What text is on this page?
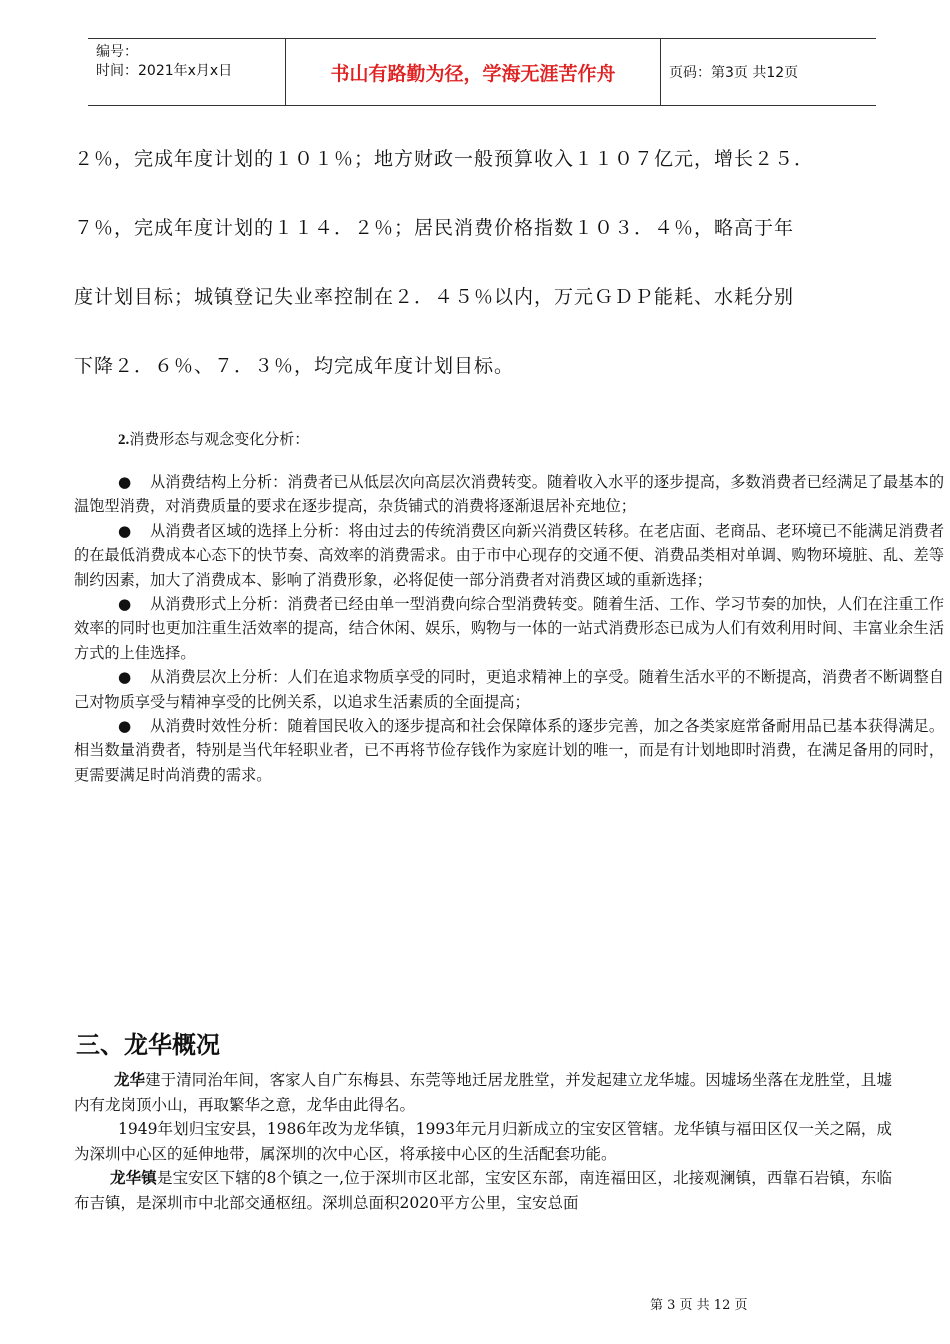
编号：
时间：2021年x月x日	书山有路勤为径，学海无涯苦作舟	页码：第3页 共12页
２％，完成年度计划的１０１％；地方财政一般预算收入１１０７亿元，增长２５．
７％，完成年度计划的１１４．２％；居民消费价格指数１０３．４％，略高于年
度计划目标；城镇登记失业率控制在２．４５％以内，万元ＧＤＰ能耗、水耗分别
下降２．６％、７．３％，均完成年度计划目标。
2.消费形态与观念变化分析：

● 从消费结构上分析：消费者已从低层次向高层次消费转变。随着收入水平的逐步提高，多数消费者已经满足了最基本的温饱型消费，对消费质量的要求在逐步提高，杂货铺式的消费将逐渐退居补充地位；

● 从消费者区域的选择上分析：将由过去的传统消费区向新兴消费区转移。在老店面、老商品、老环境已不能满足消费者的在最低消费成本心态下的快节奏、高效率的消费需求。由于市中心现存的交通不便、消费品类相对单调、购物环境脏、乱、差等制约因素，加大了消费成本、影响了消费形象，必将促使一部分消费者对消费区域的重新选择；

● 从消费形式上分析：消费者已经由单一型消费向综合型消费转变。随着生活、工作、学习节奏的加快，人们在注重工作效率的同时也更加注重生活效率的提高，结合休闲、娱乐，购物与一体的一站式消费形态已成为人们有效利用时间、丰富业余生活方式的上佳选择。

● 从消费层次上分析：人们在追求物质享受的同时，更追求精神上的享受。随着生活水平的不断提高，消费者不断调整自己对物质享受与精神享受的比例关系，以追求生活素质的全面提高；

● 从消费时效性分析：随着国民收入的逐步提高和社会保障体系的逐步完善，加之各类家庭常备耐用品已基本获得满足。相当数量消费者，特别是当代年轻职业者，已不再将节俭存钱作为家庭计划的唯一，而是有计划地即时消费，在满足备用的同时，更需要满足时尚消费的需求。

三、龙华概况

龙华建于清同治年间，客家人自广东梅县、东莞等地迁居龙胜堂，并发起建立龙华墟。因墟场坐落在龙胜堂，且墟内有龙岗顶小山，再取繁华之意，龙华由此得名。

1949年划归宝安县，1986年改为龙华镇，1993年元月归新成立的宝安区管辖。龙华镇与福田区仅一关之隔，成为深圳中心区的延伸地带，属深圳的次中心区，将承接中心区的生活配套功能。

龙华镇是宝安区下辖的8个镇之一,位于深圳市区北部，宝安区东部，南连福田区，北接观澜镇，西靠石岩镇，东临布吉镇，是深圳市中北部交通枢纽。深圳总面积2020平方公里，宝安总面

第 3 页 共 12 页
